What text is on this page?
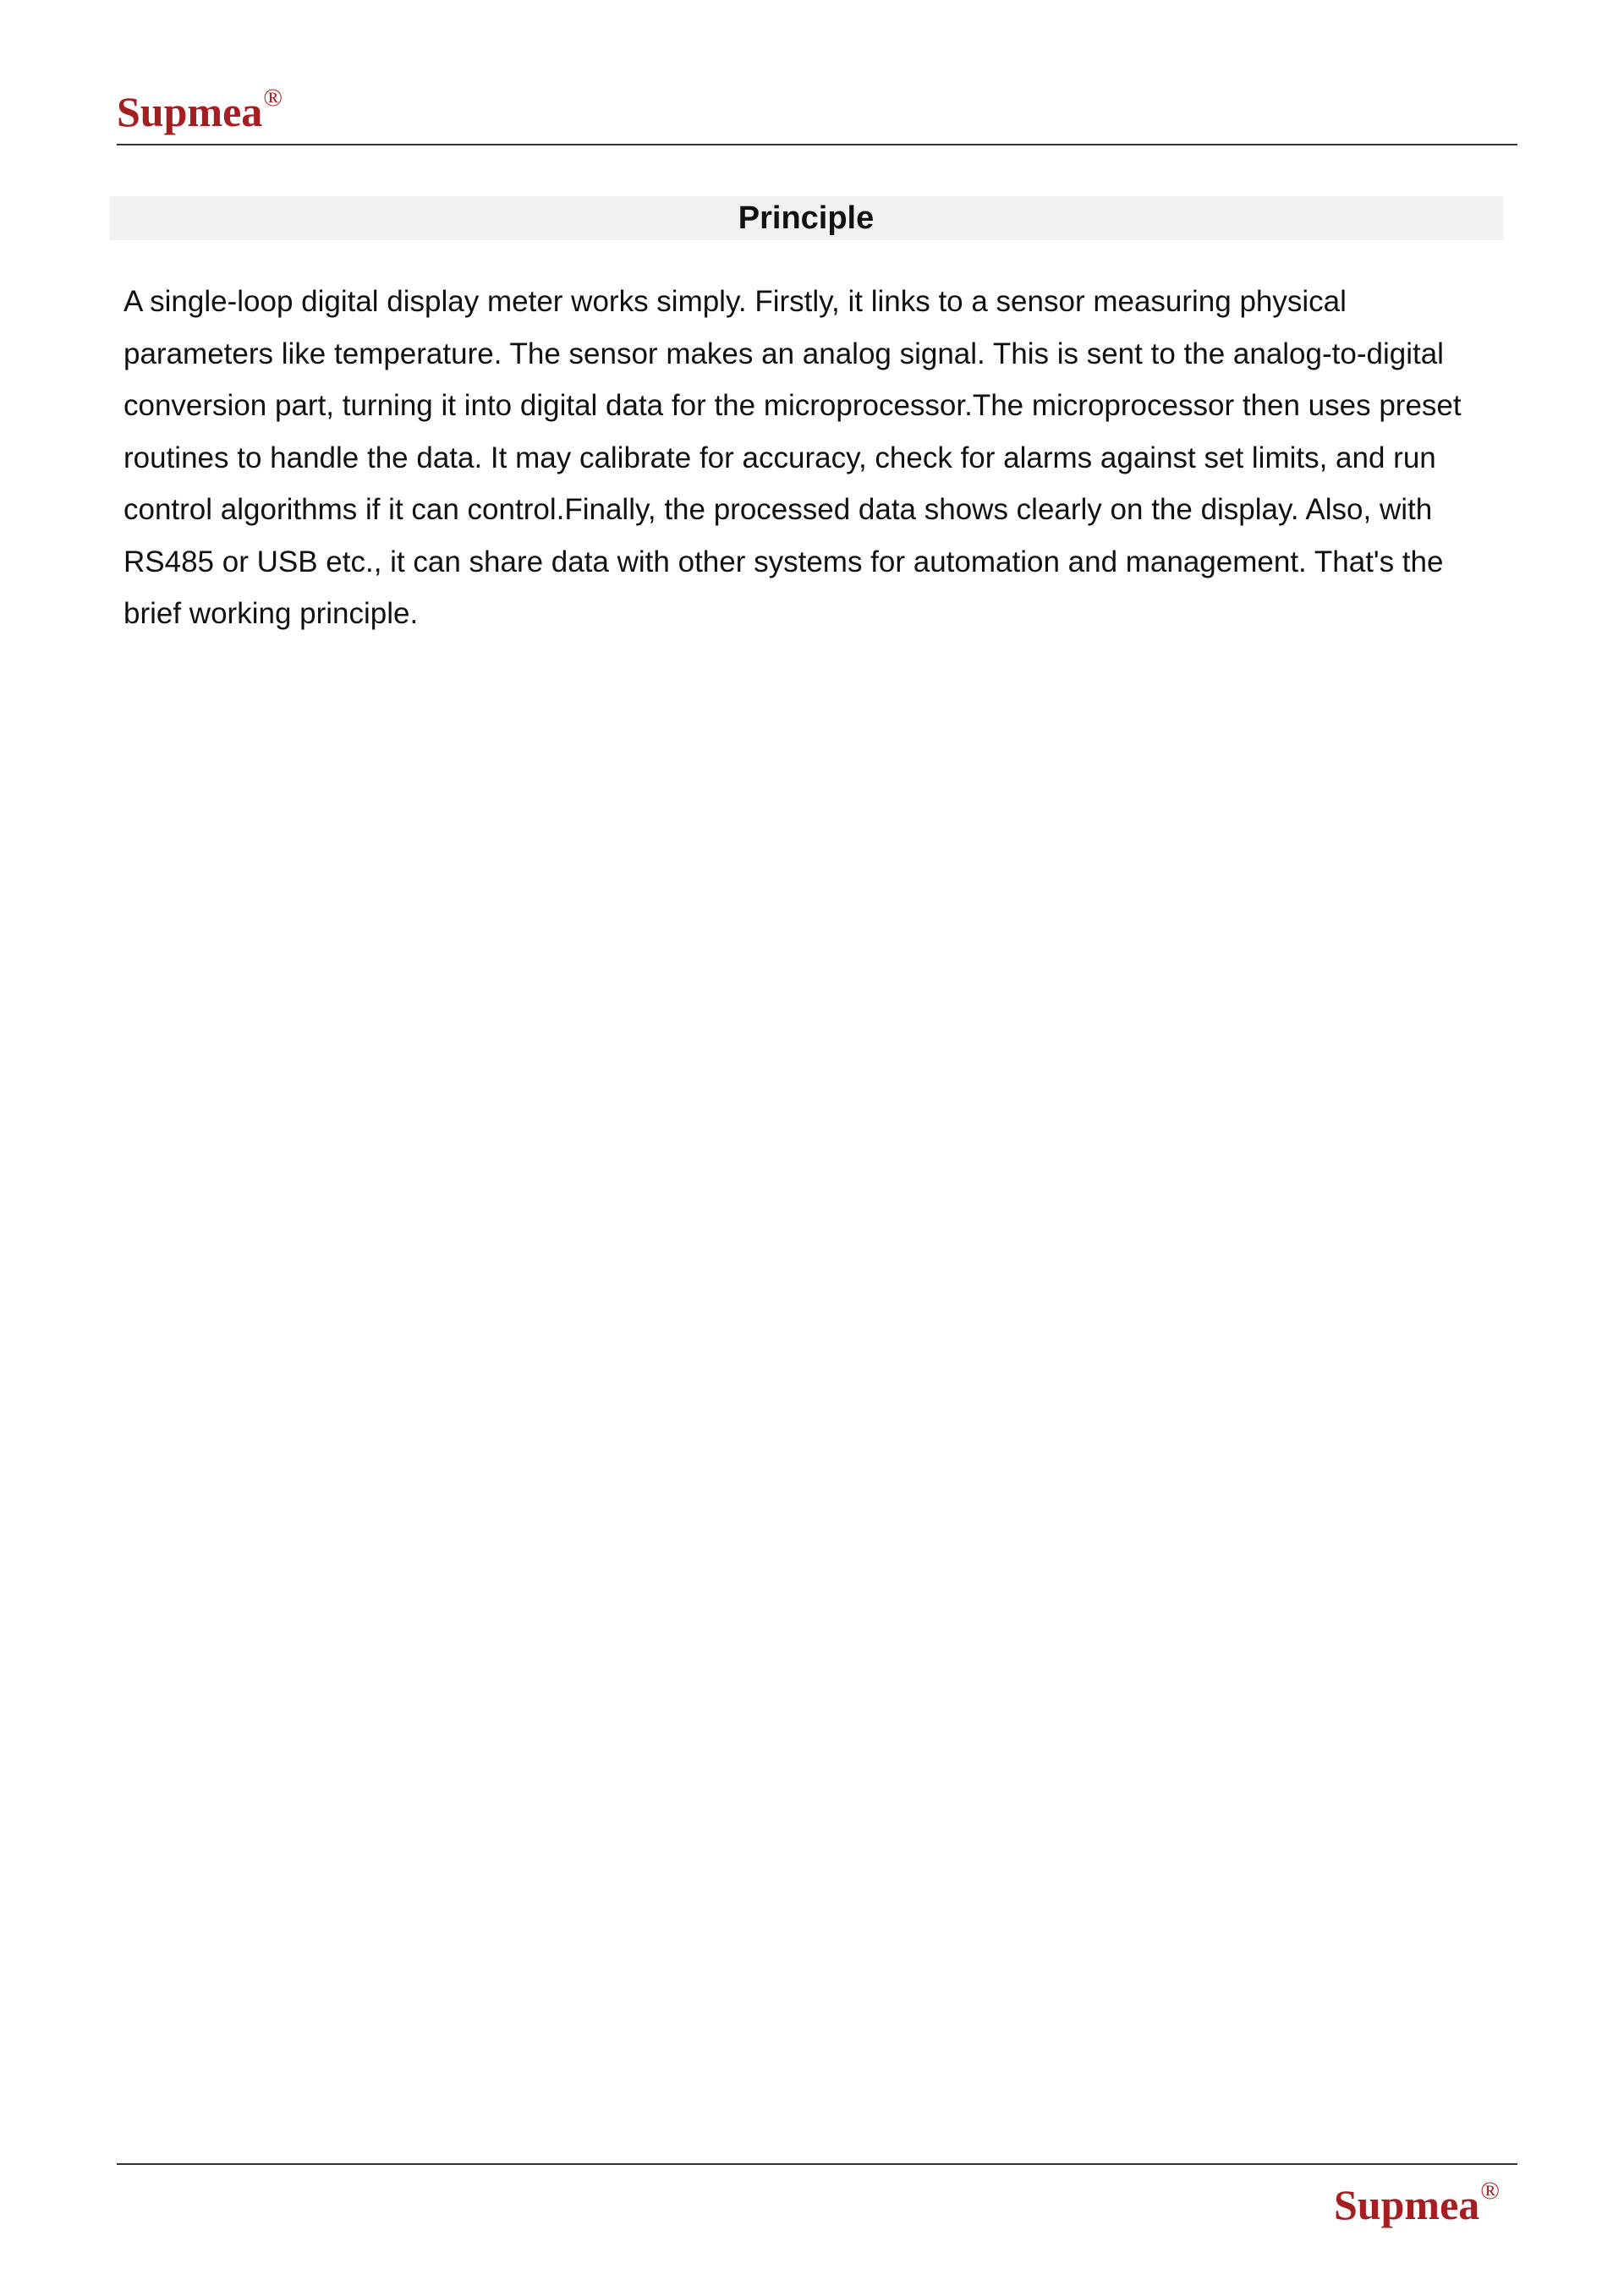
Supmea®
Principle

A single-loop digital display meter works simply. Firstly, it links to a sensor measuring physical parameters like temperature. The sensor makes an analog signal. This is sent to the analog-to-digital conversion part, turning it into digital data for the microprocessor.The microprocessor then uses preset routines to handle the data. It may calibrate for accuracy, check for alarms against set limits, and run control algorithms if it can control.Finally, the processed data shows clearly on the display. Also, with RS485 or USB etc., it can share data with other systems for automation and management. That's the brief working principle.

Supmea®
